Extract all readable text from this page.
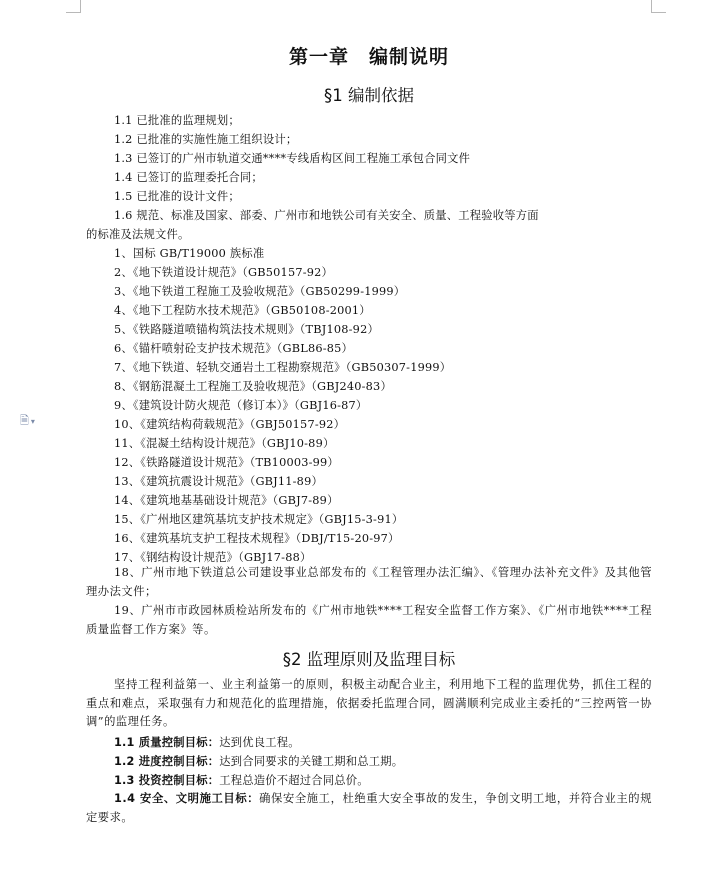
🗎 ▾
第一章　编制说明
§1 编制依据
1.1 已批准的监理规划；
1.2 已批准的实施性施工组织设计；
1.3 已签订的广州市轨道交通****专线盾构区间工程施工承包合同文件
1.4 已签订的监理委托合同；
1.5 已批准的设计文件；
1.6 规范、标准及国家、部委、广州市和地铁公司有关安全、质量、工程验收等方面
的标准及法规文件。
1、国标 GB/T19000 族标准
2、《地下铁道设计规范》（GB50157-92）
3、《地下铁道工程施工及验收规范》（GB50299-1999）
4、《地下工程防水技术规范》（GB50108-2001）
5、《铁路隧道喷锚构筑法技术规则》（TBJ108-92）
6、《锚杆喷射砼支护技术规范》（GBL86-85）
7、《地下铁道、轻轨交通岩土工程勘察规范》（GB50307-1999）
8、《钢筋混凝土工程施工及验收规范》（GBJ240-83）
9、《建筑设计防火规范（修订本）》（GBJ16-87）
10、《建筑结构荷载规范》（GBJ50157-92）
11、《混凝土结构设计规范》（GBJ10-89）
12、《铁路隧道设计规范》（TB10003-99）
13、《建筑抗震设计规范》（GBJ11-89）
14、《建筑地基基础设计规范》（GBJ7-89）
15、《广州地区建筑基坑支护技术规定》（GBJ15-3-91）
16、《建筑基坑支护工程技术规程》（DBJ/T15-20-97）
17、《钢结构设计规范》（GBJ17-88）
18、广州市地下铁道总公司建设事业总部发布的《工程管理办法汇编》、《管理办法补充文件》及其他管理办法文件；
19、广州市市政园林质检站所发布的《广州市地铁****工程安全监督工作方案》、《广州市地铁****工程质量监督工作方案》等。
§2 监理原则及监理目标
坚持工程利益第一、业主利益第一的原则，积极主动配合业主，利用地下工程的监理优势，抓住工程的重点和难点，采取强有力和规范化的监理措施，依据委托监理合同，圆满顺利完成业主委托的“三控两管一协调”的监理任务。
1.1 质量控制目标：达到优良工程。
1.2 进度控制目标：达到合同要求的关键工期和总工期。
1.3 投资控制目标：工程总造价不超过合同总价。
1.4 安全、文明施工目标：确保安全施工，杜绝重大安全事故的发生，争创文明工地，并符合业主的规定要求。
